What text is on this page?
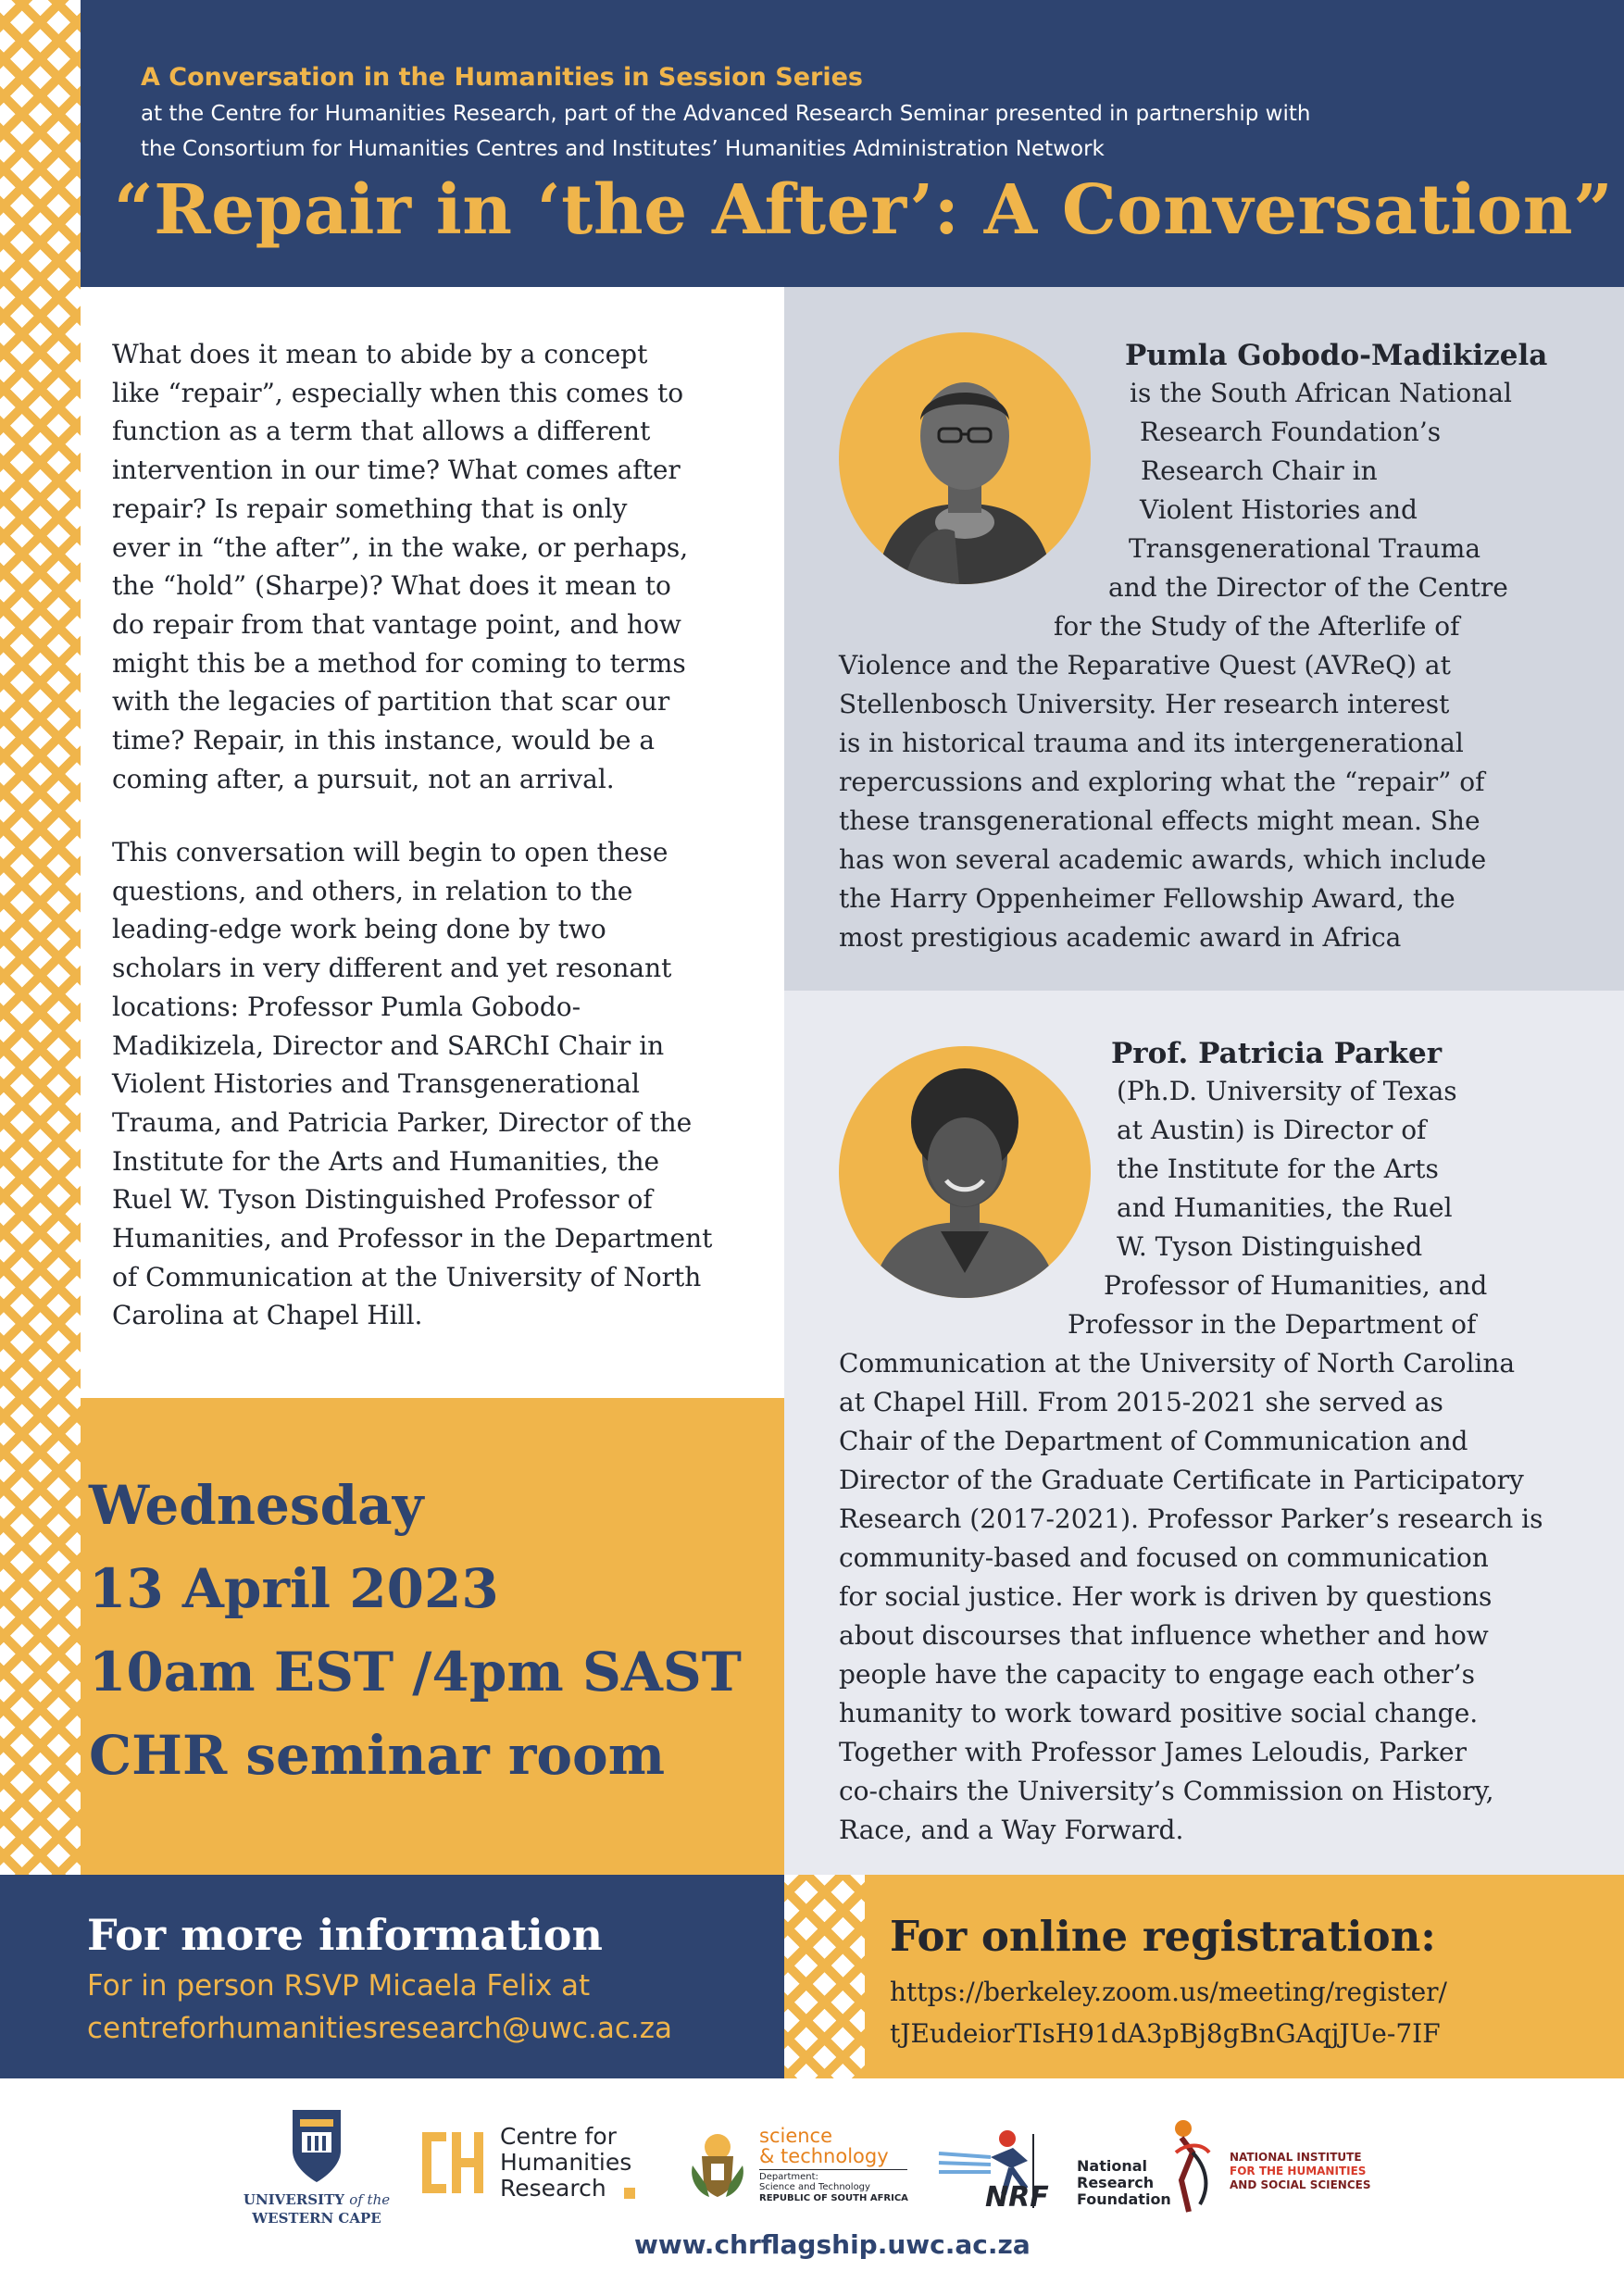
A Conversation in the Humanities in Session Series
at the Centre for Humanities Research, part of the Advanced Research Seminar presented in partnership with
the Consortium for Humanities Centres and Institutes’ Humanities Administration Network
“Repair in ‘the After’: A Conversation”

What does it mean to abide by a concept
like “repair”, especially when this comes to
function as a term that allows a different
intervention in our time? What comes after
repair? Is repair something that is only
ever in “the after”, in the wake, or perhaps,
the “hold” (Sharpe)? What does it mean to
do repair from that vantage point, and how
might this be a method for coming to terms
with the legacies of partition that scar our
time? Repair, in this instance, would be a
coming after, a pursuit, not an arrival.

This conversation will begin to open these
questions, and others, in relation to the
leading-edge work being done by two
scholars in very different and yet resonant
locations: Professor Pumla Gobodo-
Madikizela, Director and SARChI Chair in
Violent Histories and Transgenerational
Trauma, and Patricia Parker, Director of the
Institute for the Arts and Humanities, the
Ruel W. Tyson Distinguished Professor of
Humanities, and Professor in the Department
of Communication at the University of North
Carolina at Chapel Hill.

Wednesday
13 April 2023
10am EST /4pm SAST
CHR seminar room
Pumla Gobodo-Madikizela
is the South African National
Research Foundation’s
Research Chair in
Violent Histories and
Transgenerational Trauma
and the Director of the Centre
for the Study of the Afterlife of
Violence and the Reparative Quest (AVReQ) at
Stellenbosch University. Her research interest
is in historical trauma and its intergenerational
repercussions and exploring what the “repair” of
these transgenerational effects might mean. She
has won several academic awards, which include
the Harry Oppenheimer Fellowship Award, the
most prestigious academic award in Africa
Prof. Patricia Parker
(Ph.D. University of Texas
at Austin) is Director of
the Institute for the Arts
and Humanities, the Ruel
W. Tyson Distinguished
Professor of Humanities, and
Professor in the Department of
Communication at the University of North Carolina
at Chapel Hill. From 2015-2021 she served as
Chair of the Department of Communication and
Director of the Graduate Certificate in Participatory
Research (2017-2021). Professor Parker’s research is
community-based and focused on communication
for social justice. Her work is driven by questions
about discourses that influence whether and how
people have the capacity to engage each other’s
humanity to work toward positive social change.
Together with Professor James Leloudis, Parker
co-chairs the University’s Commission on History,
Race, and a Way Forward.
For more information
For in person RSVP Micaela Felix at
centreforhumanitiesresearch@uwc.ac.za
For online registration:
https://berkeley.zoom.us/meeting/register/
tJEudeiorTIsH91dA3pBj8gBnGAqjJUe-7IF
UNIVERSITY of the
WESTERN CAPE
Centre for
Humanities
Research
science
& technology
Department:
Science and Technology
REPUBLIC OF SOUTH AFRICA	NRF
National
Research
Foundation
NATIONAL INSTITUTE
FOR THE HUMANITIES
AND SOCIAL SCIENCES
www.chrflagship.uwc.ac.za
